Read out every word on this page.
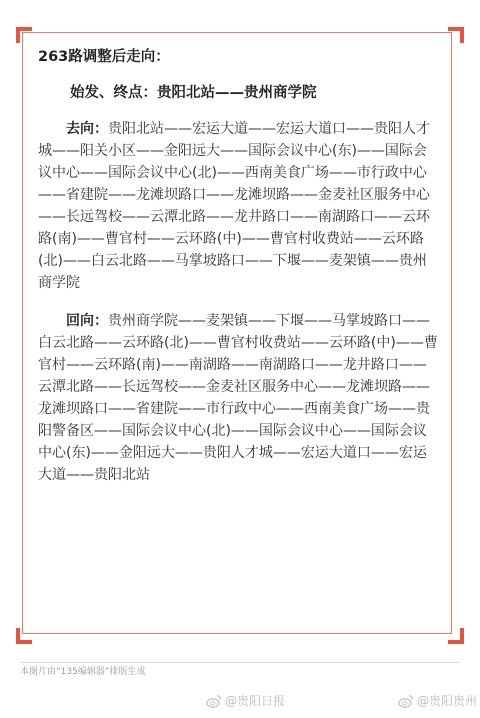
263路调整后走向：
始发、终点：贵阳北站——贵州商学院

去向：贵阳北站——宏运大道——宏运大道口——贵阳人才城——阳关小区——金阳远大——国际会议中心(东)——国际会议中心——国际会议中心(北)——西南美食广场——市行政中心——省建院——龙滩坝路口——龙滩坝路——金麦社区服务中心——长远驾校——云潭北路——龙井路口——南湖路口——云环路(南)——曹官村——云环路(中)——曹官村收费站——云环路(北)——白云北路——马掌坡路口——下堰——麦架镇——贵州商学院

回向：贵州商学院——麦架镇——下堰——马掌坡路口——白云北路——云环路(北)——曹官村收费站——云环路(中)——曹官村——云环路(南)——南湖路——南湖路口——龙井路口——云潭北路——长远驾校——金麦社区服务中心——龙滩坝路——龙滩坝路口——省建院——市行政中心——西南美食广场——贵阳警备区——国际会议中心(北)——国际会议中心——国际会议中心(东)——金阳远大——贵阳人才城——宏运大道口——宏运大道——贵阳北站

本图片由“135编辑器”排版生成
@贵阳日报	@贵阳贵州
